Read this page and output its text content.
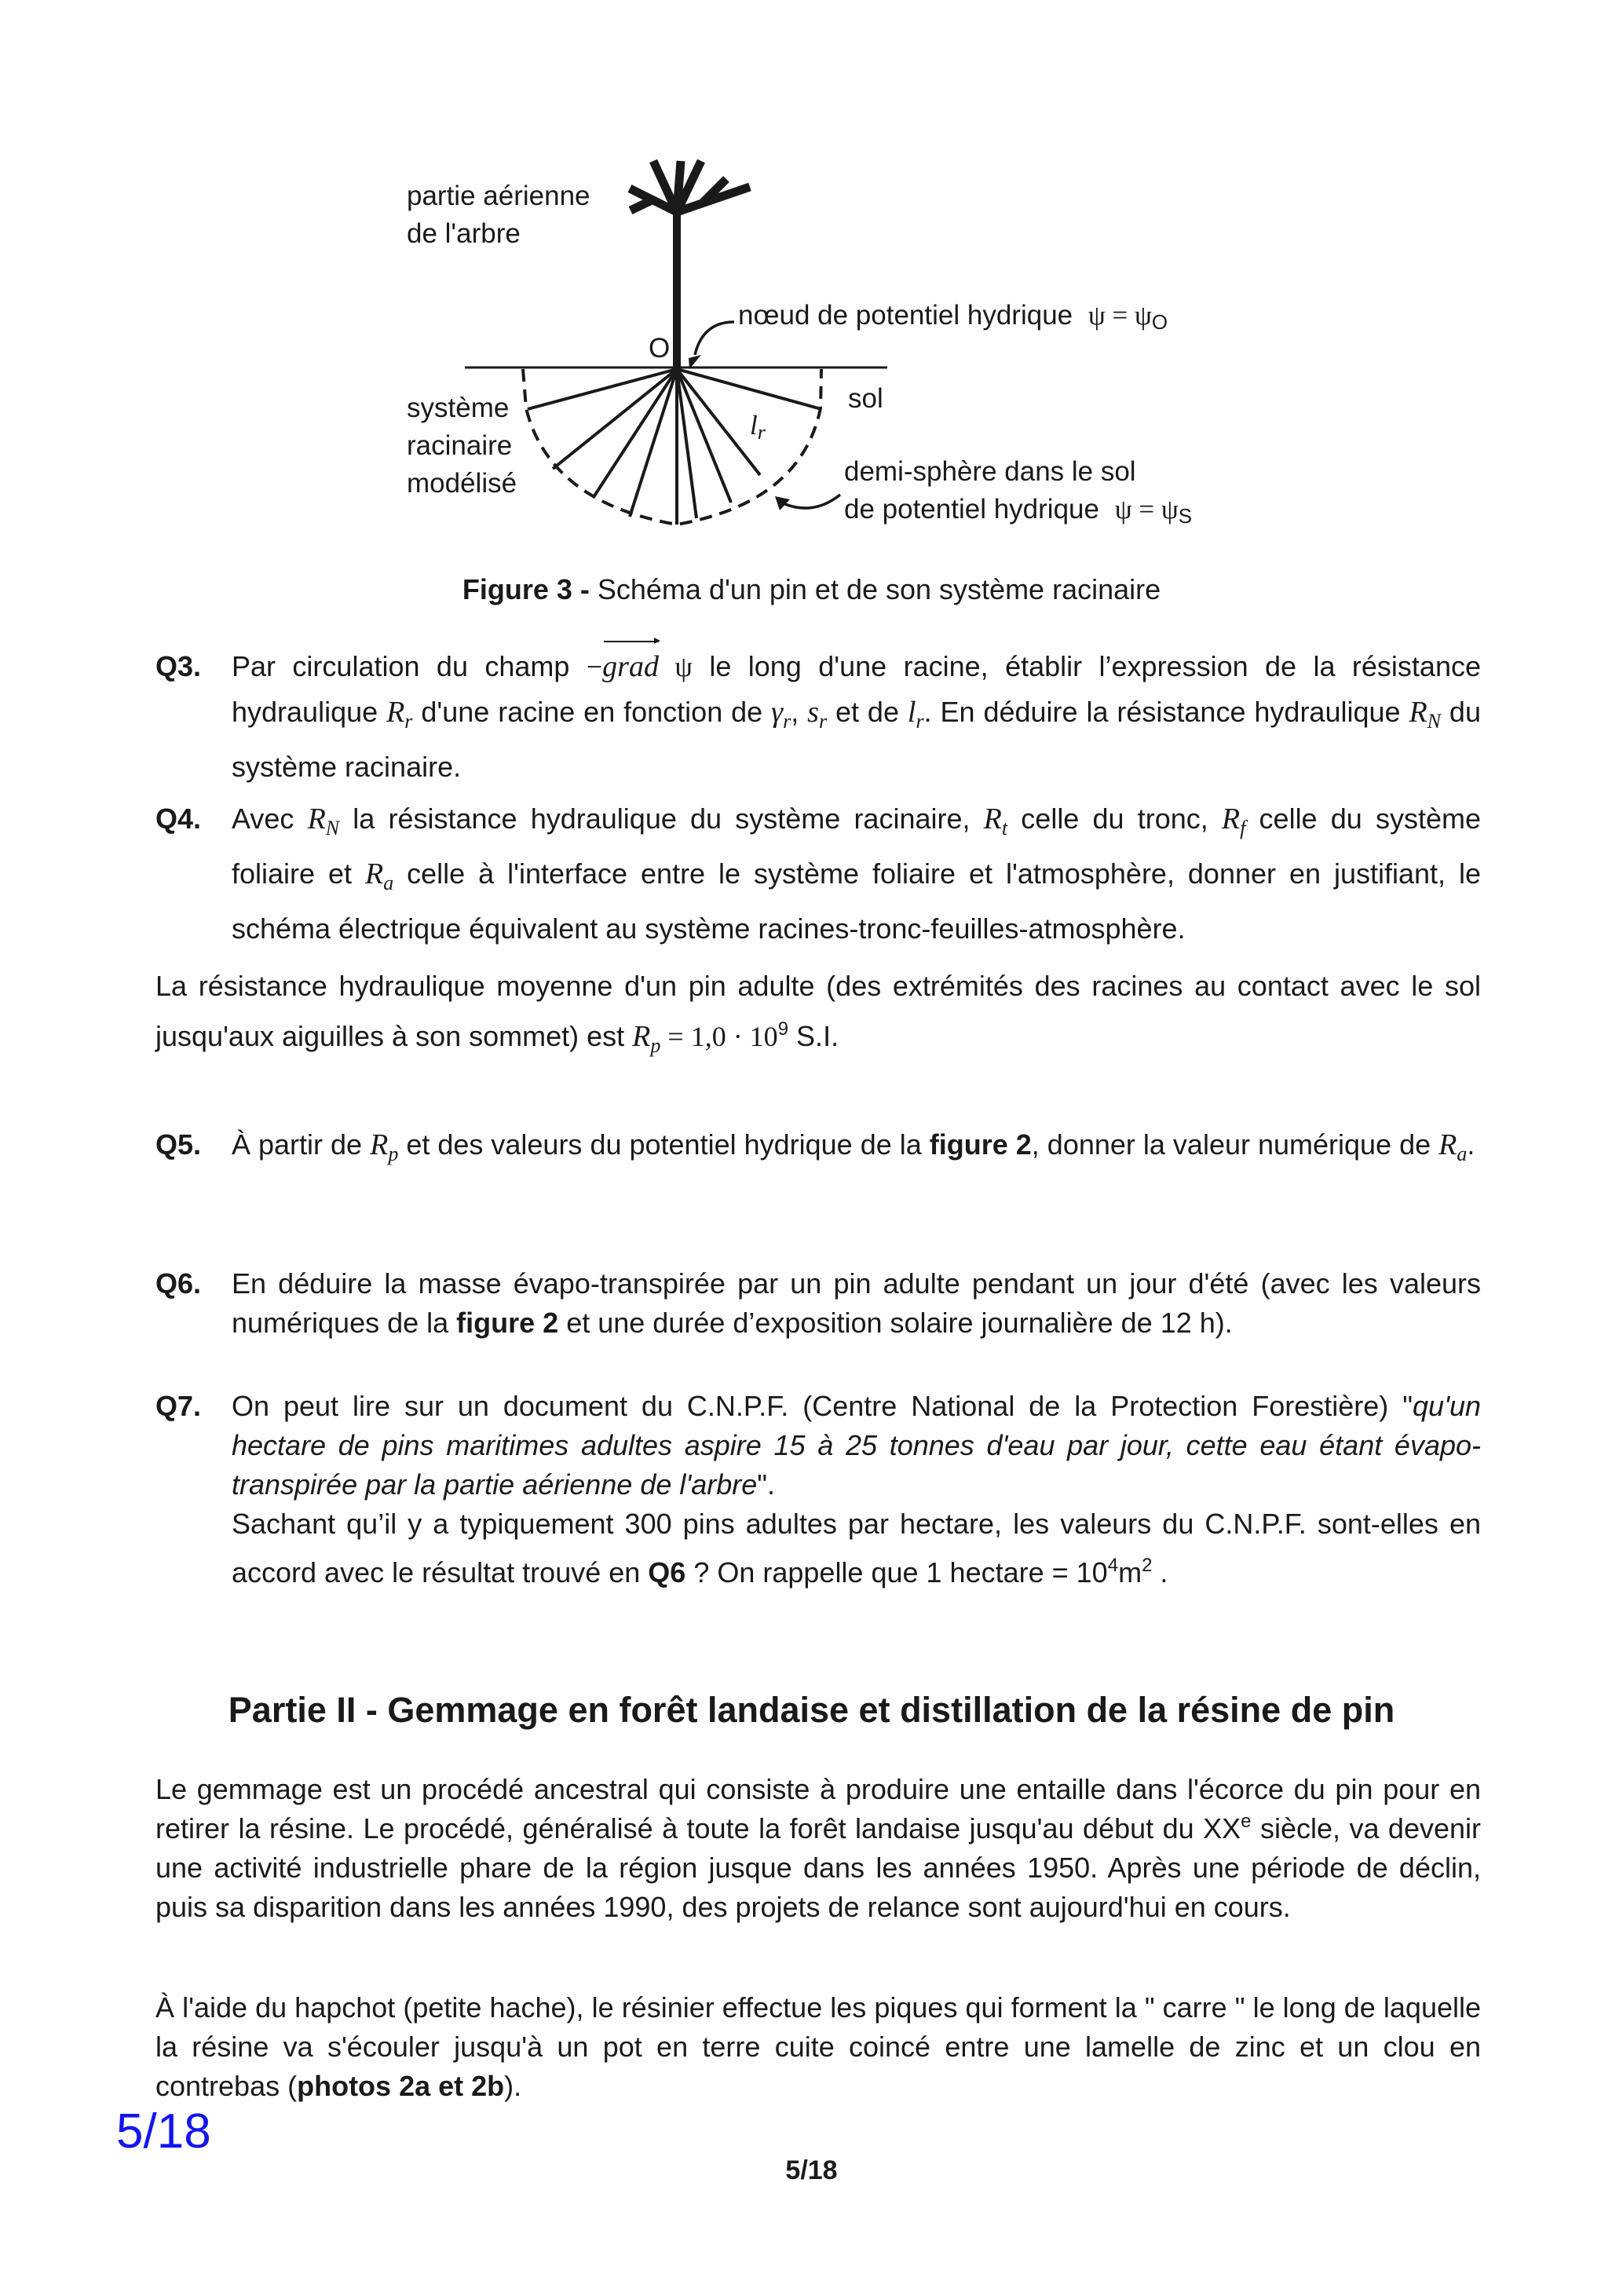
partie aérienne
de l'arbre
nœud de potentiel hydrique $\psi = \psi_O$
O
sol
$l_r$
système
racinaire
modélisé	demi-sphère dans le sol
de potentiel hydrique $\psi = \psi_S$
Figure 3 - Schéma d'un pin et de son système racinaire
Q3. Par circulation du champ −grad ψ le long d'une racine, établir l’expression de la résistance hydraulique $R_r$ d'une racine en fonction de $\gamma_r$, $s_r$ et de $l_r$. En déduire la résistance hydraulique $R_N$ du système racinaire.
Q4. Avec $R_N$ la résistance hydraulique du système racinaire, $R_t$ celle du tronc, $R_f$ celle du système foliaire et $R_a$ celle à l'interface entre le système foliaire et l'atmosphère, donner en justifiant, le schéma électrique équivalent au système racines-tronc-feuilles-atmosphère.
La résistance hydraulique moyenne d'un pin adulte (des extrémités des racines au contact avec le sol jusqu'aux aiguilles à son sommet) est $R_p = 1,0 \cdot 10^9$ S.I.
Q5. À partir de $R_p$ et des valeurs du potentiel hydrique de la figure 2, donner la valeur numérique de $R_a$.
Q6. En déduire la masse évapo-transpirée par un pin adulte pendant un jour d'été (avec les valeurs numériques de la figure 2 et une durée d’exposition solaire journalière de 12 h).
Q7. On peut lire sur un document du C.N.P.F. (Centre National de la Protection Forestière) "qu'un hectare de pins maritimes adultes aspire 15 à 25 tonnes d'eau par jour, cette eau étant évapo-transpirée par la partie aérienne de l'arbre".
Sachant qu’il y a typiquement 300 pins adultes par hectare, les valeurs du C.N.P.F. sont-elles en accord avec le résultat trouvé en Q6 ? On rappelle que 1 hectare = $10^4m^2$ .
Partie II - Gemmage en forêt landaise et distillation de la résine de pin
Le gemmage est un procédé ancestral qui consiste à produire une entaille dans l'écorce du pin pour en retirer la résine. Le procédé, généralisé à toute la forêt landaise jusqu'au début du XXe siècle, va devenir une activité industrielle phare de la région jusque dans les années 1950. Après une période de déclin, puis sa disparition dans les années 1990, des projets de relance sont aujourd'hui en cours.
À l'aide du hapchot (petite hache), le résinier effectue les piques qui forment la " carre " le long de laquelle la résine va s'écouler jusqu'à un pot en terre cuite coincé entre une lamelle de zinc et un clou en contrebas (photos 2a et 2b).
5/18
5/18
